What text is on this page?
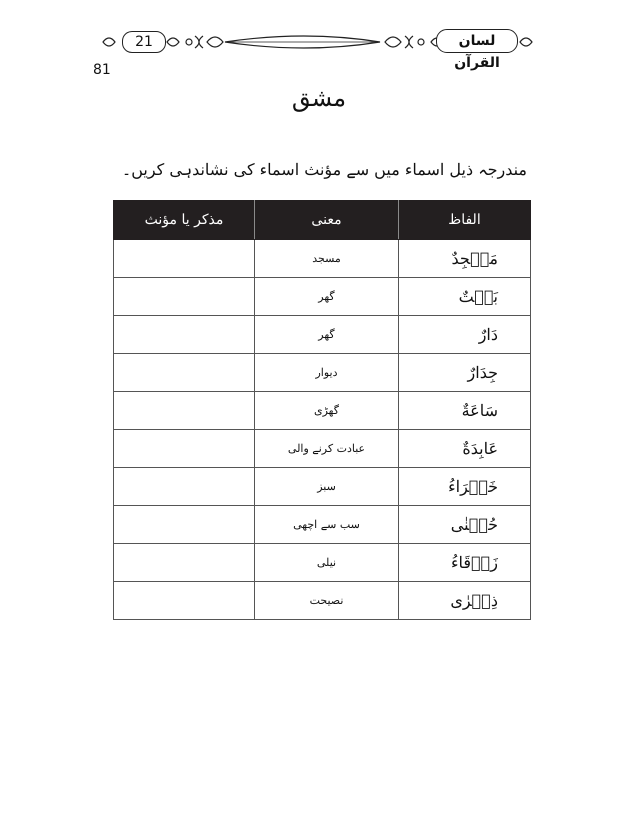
21	لسان القرآن
81
مشق
مندرجہ ذیل اسماء میں سے مؤنث اسماء کی نشاندہی کریں۔
الفاظ	معنی	مذکر یا مؤنث
مَسۡجِدٌ	مسجد	
بَيۡتٌ	گھر	
دَارٌ	گھر	
جِدَارٌ	دیوار	
سَاعَةٌ	گھڑی	
عَابِدَةٌ	عبادت کرنے والی	
خَضۡرَاءُ	سبز	
حُسۡنٰی	سب سے اچھی	
زَرۡقَاءُ	نیلی	
ذِكۡرٰی	نصیحت	
